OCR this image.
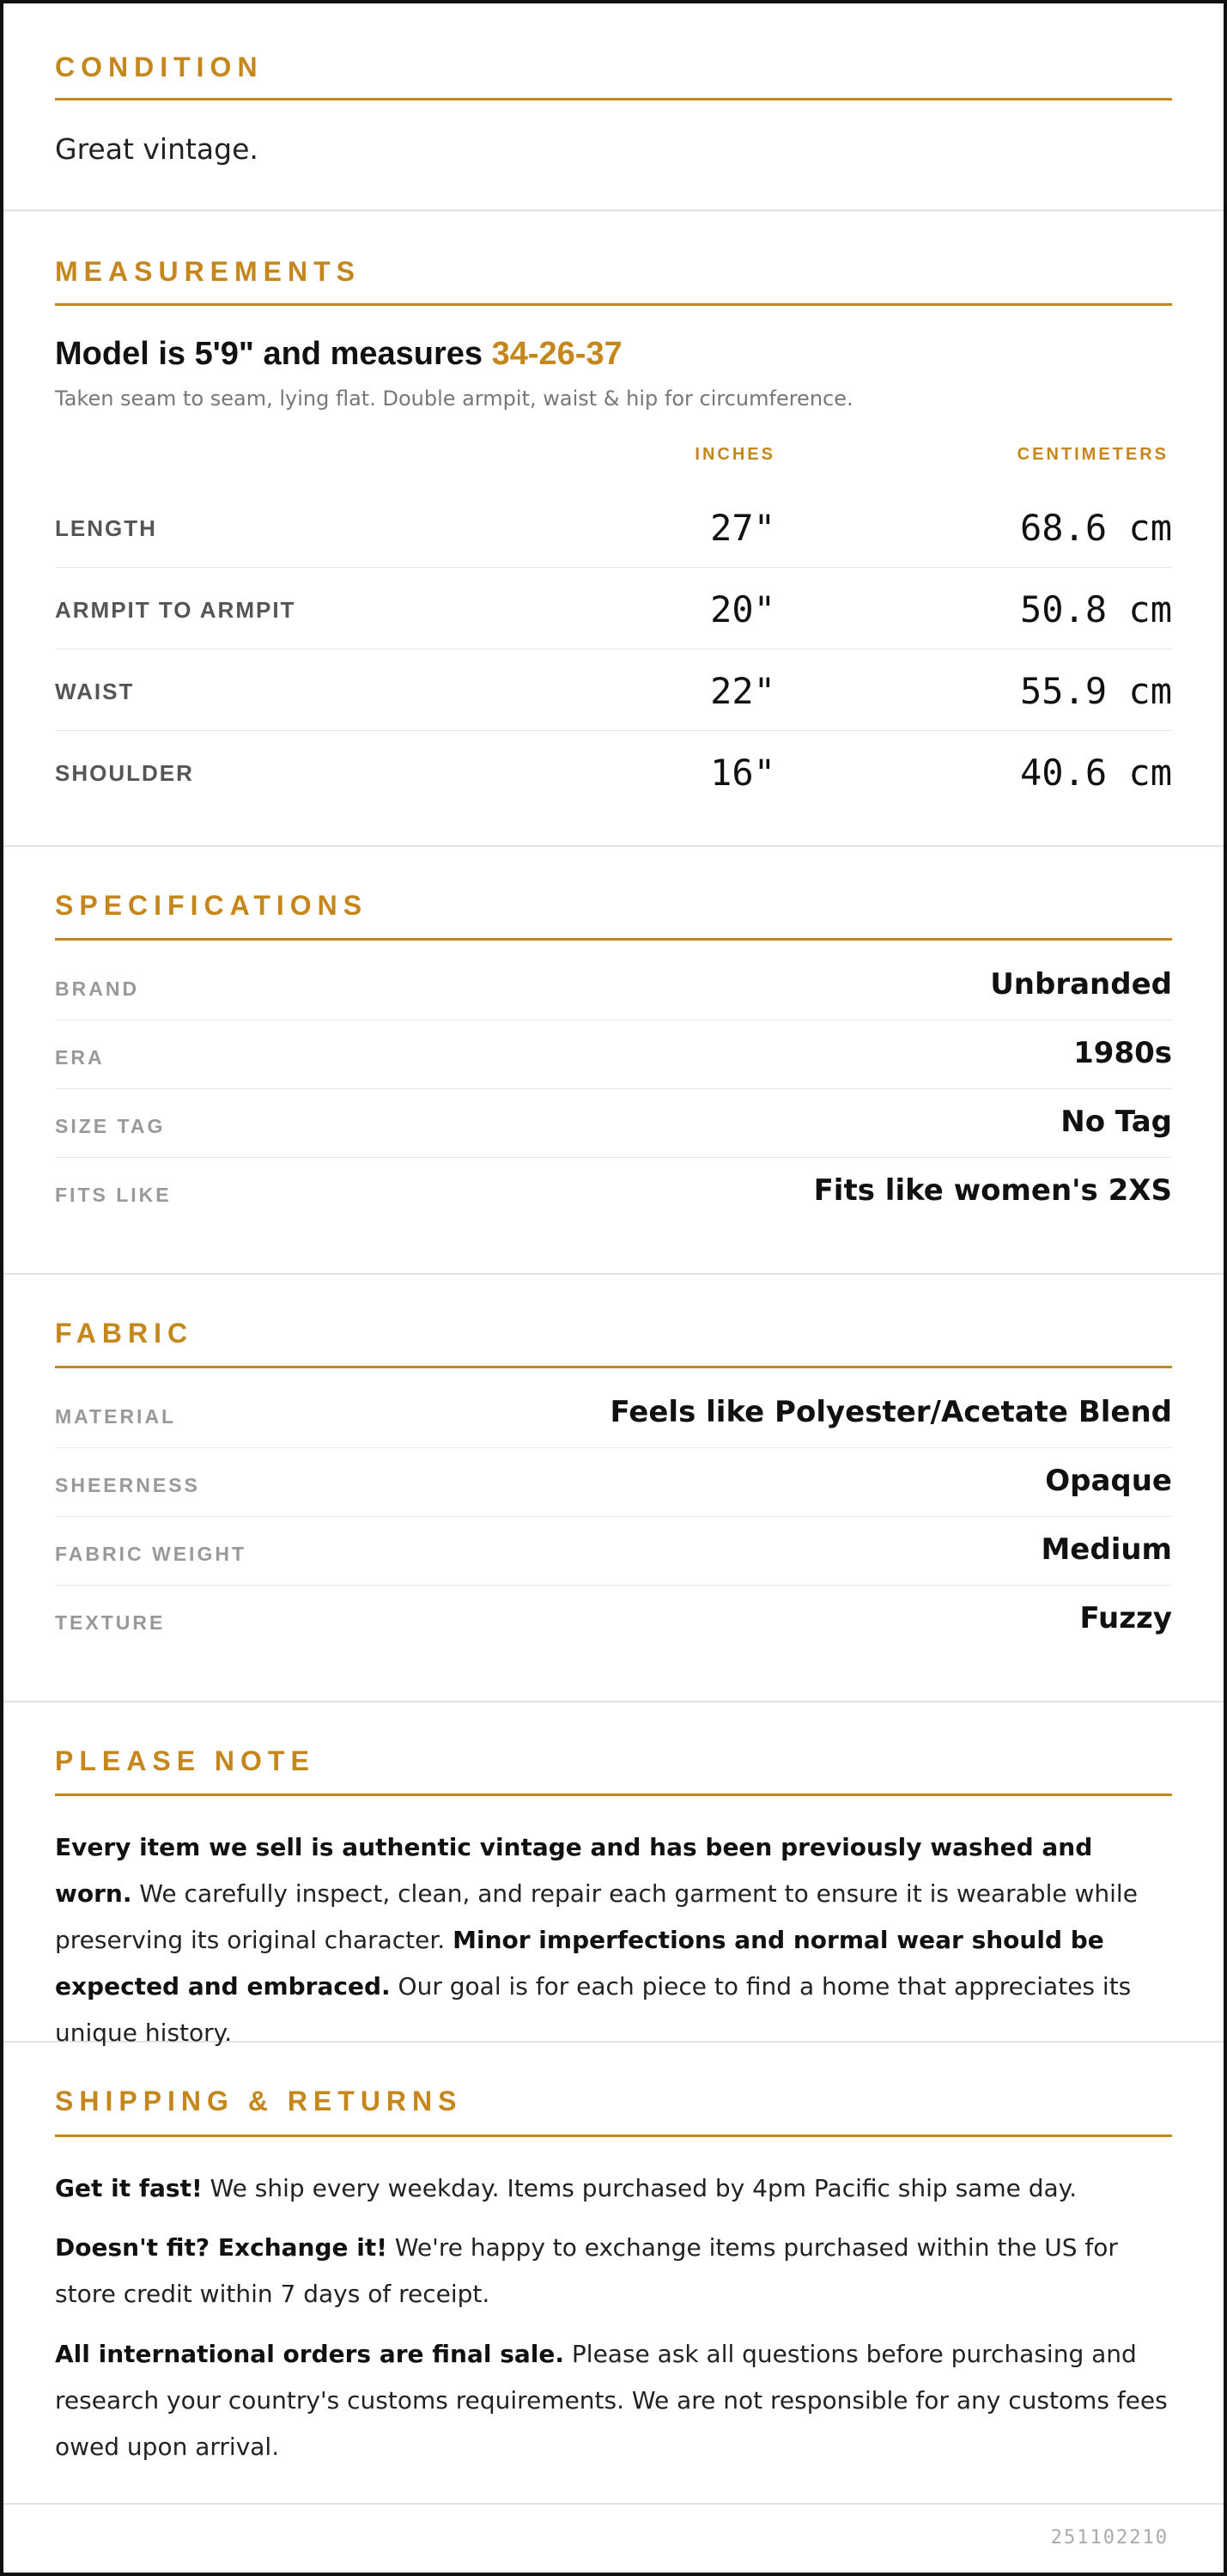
CONDITION
Great vintage.
MEASUREMENTS
Model is 5'9" and measures 34-26-37
Taken seam to seam, lying flat. Double armpit, waist & hip for circumference.
INCHES	CENTIMETERS
LENGTH	27"	68.6 cm
ARMPIT TO ARMPIT	20"	50.8 cm
WAIST	22"	55.9 cm
SHOULDER	16"	40.6 cm
SPECIFICATIONS
BRAND	Unbranded
ERA	1980s
SIZE TAG	No Tag
FITS LIKE	Fits like women's 2XS
FABRIC
MATERIAL	Feels like Polyester/Acetate Blend
SHEERNESS	Opaque
FABRIC WEIGHT	Medium
TEXTURE	Fuzzy
PLEASE NOTE
Every item we sell is authentic vintage and has been previously washed and worn. We carefully inspect, clean, and repair each garment to ensure it is wearable while preserving its original character. Minor imperfections and normal wear should be expected and embraced. Our goal is for each piece to find a home that appreciates its unique history.
SHIPPING & RETURNS
Get it fast! We ship every weekday. Items purchased by 4pm Pacific ship same day.
Doesn't fit? Exchange it! We're happy to exchange items purchased within the US for store credit within 7 days of receipt.
All international orders are final sale. Please ask all questions before purchasing and research your country's customs requirements. We are not responsible for any customs fees owed upon arrival.
251102210
